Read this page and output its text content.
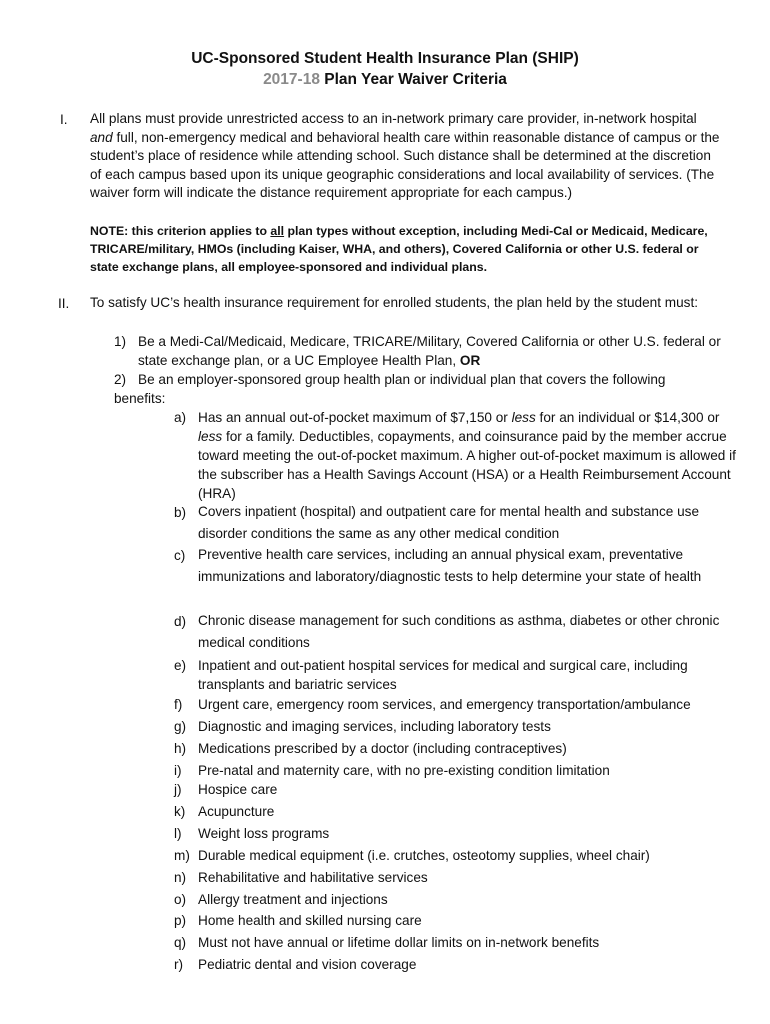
UC-Sponsored Student Health Insurance Plan (SHIP)
2017-18 Plan Year Waiver Criteria
I. All plans must provide unrestricted access to an in-network primary care provider, in-network hospital and full, non-emergency medical and behavioral health care within reasonable distance of campus or the student’s place of residence while attending school. Such distance shall be determined at the discretion of each campus based upon its unique geographic considerations and local availability of services. (The waiver form will indicate the distance requirement appropriate for each campus.)
NOTE: this criterion applies to all plan types without exception, including Medi-Cal or Medicaid, Medicare, TRICARE/military, HMOs (including Kaiser, WHA, and others), Covered California or other U.S. federal or state exchange plans, all employee-sponsored and individual plans.
II. To satisfy UC’s health insurance requirement for enrolled students, the plan held by the student must:
1) Be a Medi-Cal/Medicaid, Medicare, TRICARE/Military, Covered California or other U.S. federal or state exchange plan, or a UC Employee Health Plan, OR
2) Be an employer-sponsored group health plan or individual plan that covers the following
benefits:
a) Has an annual out-of-pocket maximum of $7,150 or less for an individual or $14,300 or less for a family. Deductibles, copayments, and coinsurance paid by the member accrue toward meeting the out-of-pocket maximum. A higher out-of-pocket maximum is allowed if the subscriber has a Health Savings Account (HSA) or a Health Reimbursement Account (HRA)
b) Covers inpatient (hospital) and outpatient care for mental health and substance use disorder conditions the same as any other medical condition
c) Preventive health care services, including an annual physical exam, preventative immunizations and laboratory/diagnostic tests to help determine your state of health
d) Chronic disease management for such conditions as asthma, diabetes or other chronic medical conditions
e) Inpatient and out-patient hospital services for medical and surgical care, including transplants and bariatric services
f) Urgent care, emergency room services, and emergency transportation/ambulance
g) Diagnostic and imaging services, including laboratory tests
h) Medications prescribed by a doctor (including contraceptives)
i) Pre-natal and maternity care, with no pre-existing condition limitation
j) Hospice care
k) Acupuncture
l) Weight loss programs
m) Durable medical equipment (i.e. crutches, osteotomy supplies, wheel chair)
n) Rehabilitative and habilitative services
o) Allergy treatment and injections
p) Home health and skilled nursing care
q) Must not have annual or lifetime dollar limits on in-network benefits
r) Pediatric dental and vision coverage
